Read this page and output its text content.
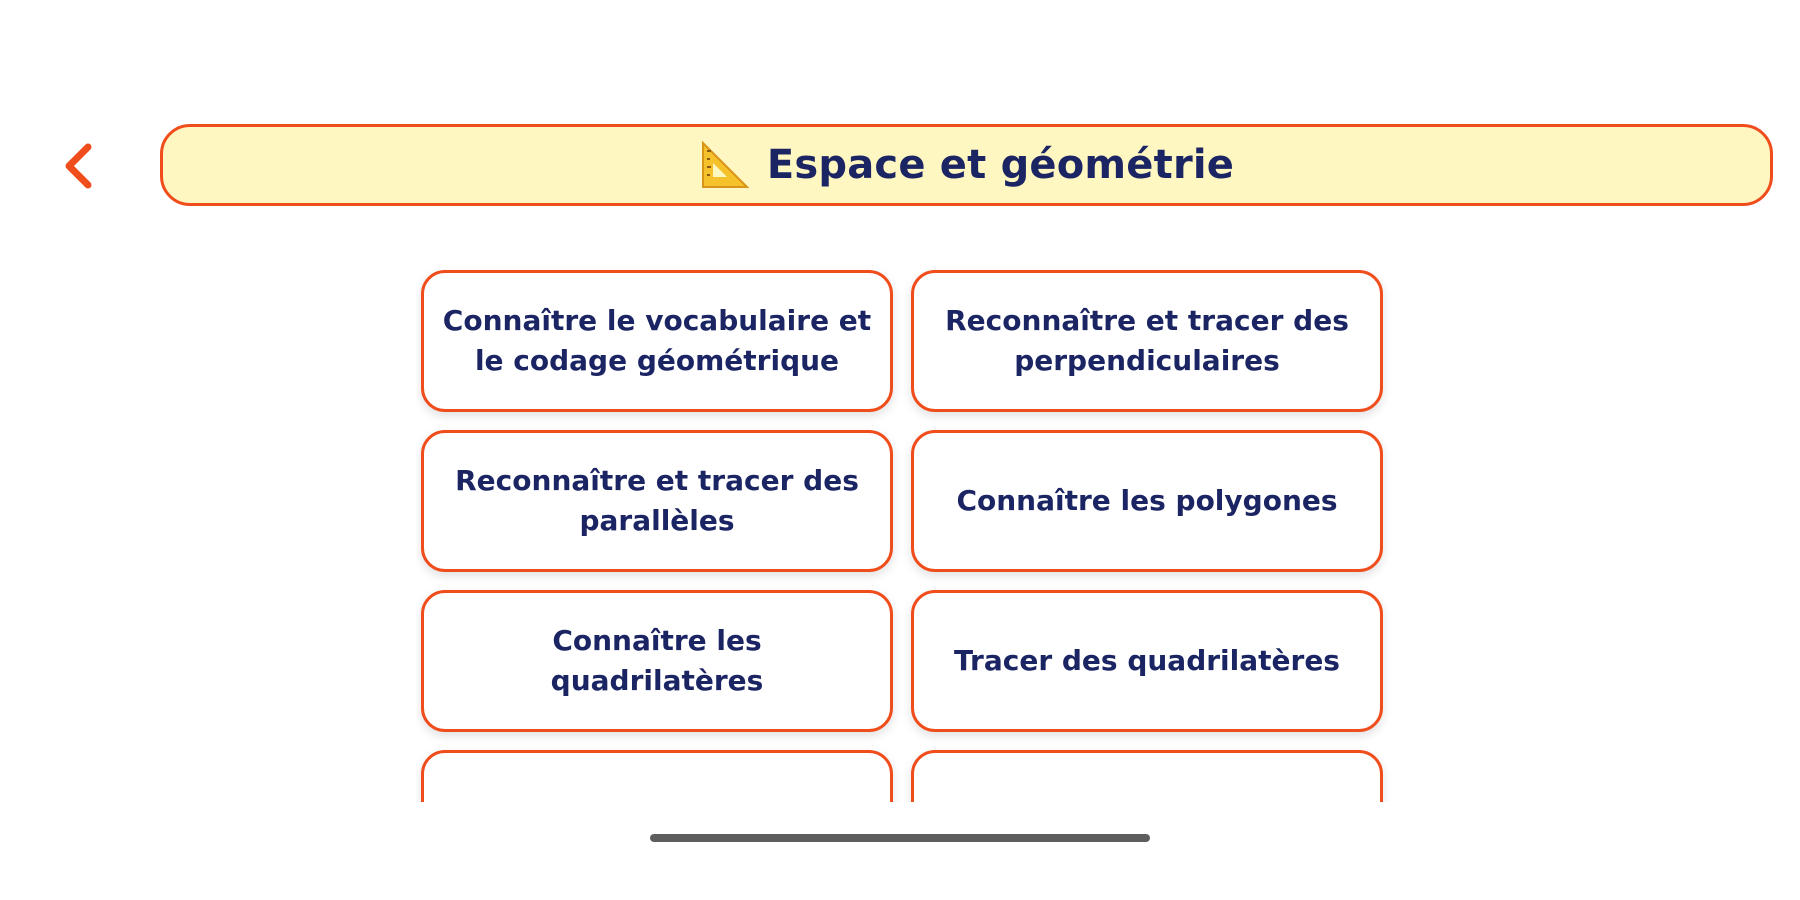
Espace et géométrie
Connaître le vocabulaire et le codage géométrique
Reconnaître et tracer des perpendiculaires
Reconnaître et tracer des parallèles
Connaître les polygones
Connaître les quadrilatères
Tracer des quadrilatères
